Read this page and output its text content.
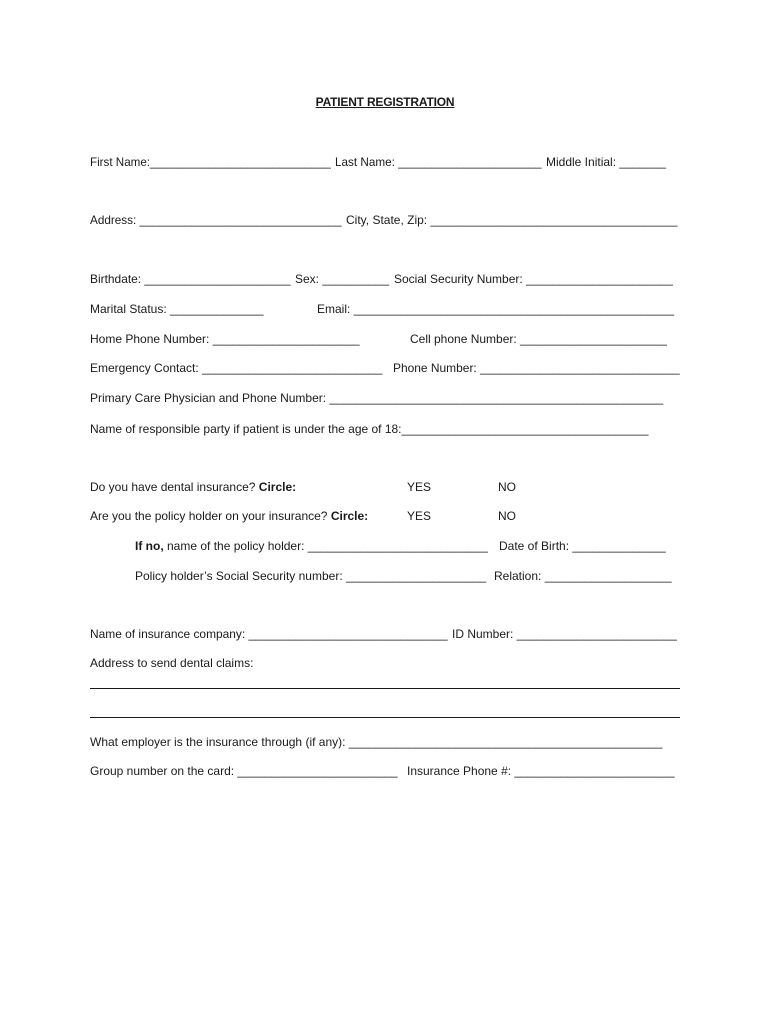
PATIENT REGISTRATION
First Name:____________________________ Last Name: ______________________ Middle Initial: _______
Address: _______________________________ City, State, Zip: _____________________________________
Birthdate: ______________________ Sex: __________ Social Security Number: ______________________
Marital Status: ______________	Email: ________________________________________________
Home Phone Number: ______________________	Cell phone Number: ______________________
Emergency Contact: ___________________________ Phone Number: ______________________________
Primary Care Physician and Phone Number: __________________________________________________
Name of responsible party if patient is under the age of 18:_____________________________________
Do you have dental insurance? Circle:	YES	NO
Are you the policy holder on your insurance? Circle:	YES	NO
If no, name of the policy holder: ___________________________ Date of Birth: ______________
Policy holder’s Social Security number: _____________________ Relation: ___________________
Name of insurance company: ______________________________ ID Number: ________________________
Address to send dental claims:
What employer is the insurance through (if any): _______________________________________________
Group number on the card: ________________________ Insurance Phone #: ________________________
